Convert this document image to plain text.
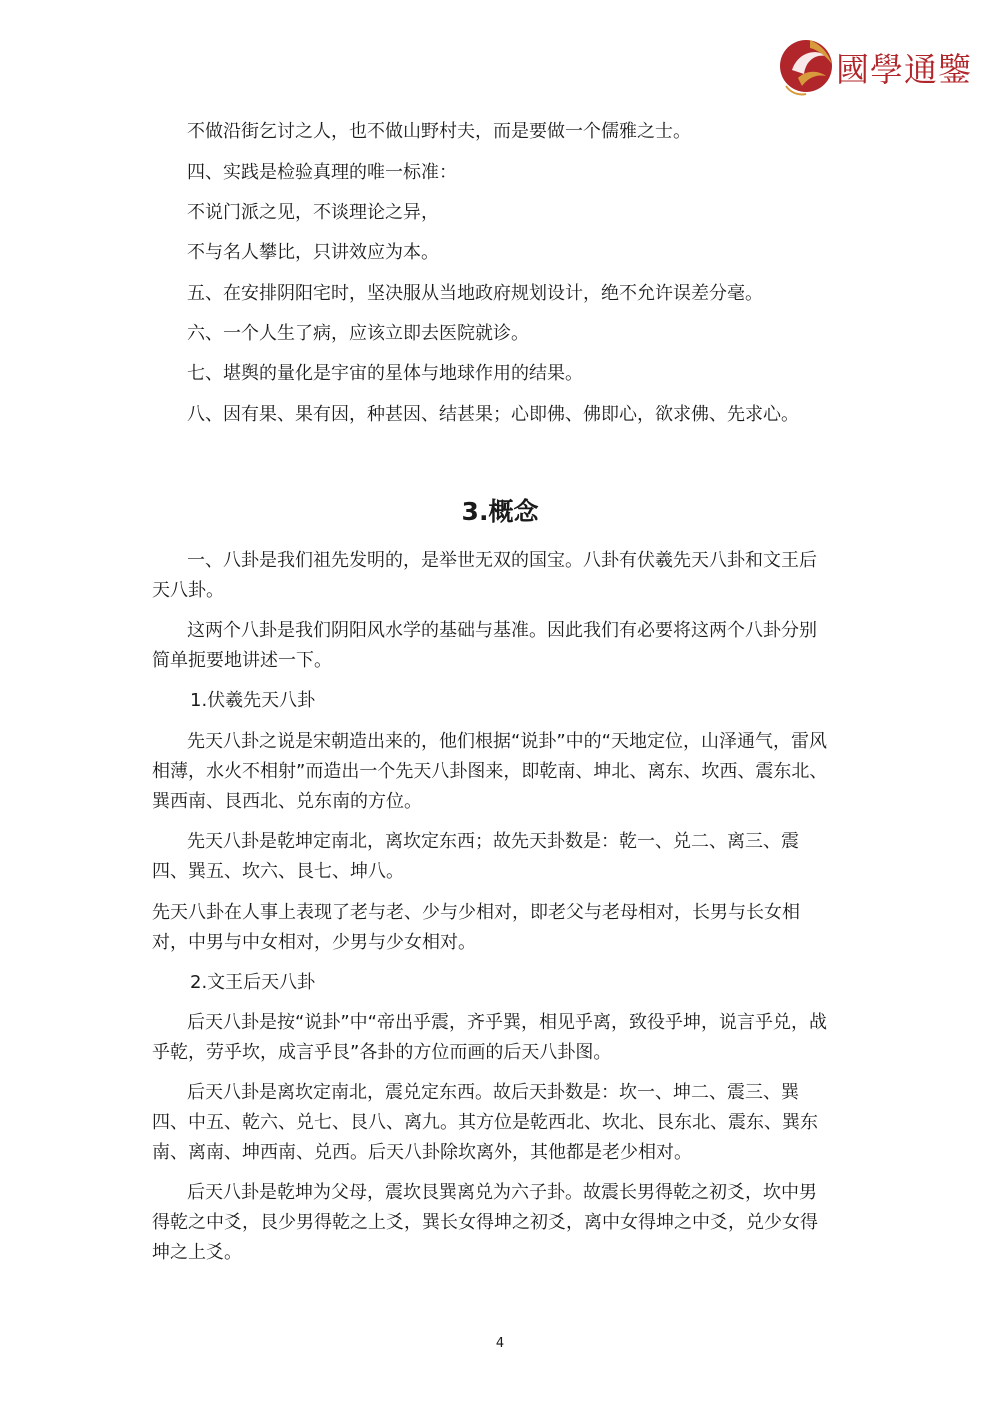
國學通鑒

不做沿街乞讨之人，也不做山野村夫，而是要做一个儒雅之士。

四、实践是检验真理的唯一标准：

不说门派之见，不谈理论之异，

不与名人攀比，只讲效应为本。

五、在安排阴阳宅时，坚决服从当地政府规划设计，绝不允许误差分毫。

六、一个人生了病，应该立即去医院就诊。

七、堪舆的量化是宇宙的星体与地球作用的结果。

八、因有果、果有因，种甚因、结甚果；心即佛、佛即心，欲求佛、先求心。

3.概念

一、八卦是我们祖先发明的，是举世无双的国宝。八卦有伏羲先天八卦和文王后

天八卦。

这两个八卦是我们阴阳风水学的基础与基准。因此我们有必要将这两个八卦分别

简单扼要地讲述一下。

1.伏羲先天八卦

先天八卦之说是宋朝造出来的，他们根据“说卦”中的“天地定位，山泽通气，雷风

相薄，水火不相射”而造出一个先天八卦图来，即乾南、坤北、离东、坎西、震东北、

巽西南、艮西北、兑东南的方位。

先天八卦是乾坤定南北，离坎定东西；故先天卦数是：乾一、兑二、离三、震

四、巽五、坎六、艮七、坤八。

先天八卦在人事上表现了老与老、少与少相对，即老父与老母相对，长男与长女相

对，中男与中女相对，少男与少女相对。

2.文王后天八卦

后天八卦是按“说卦”中“帝出乎震，齐乎巽，相见乎离，致役乎坤，说言乎兑，战

乎乾，劳乎坎，成言乎艮”各卦的方位而画的后天八卦图。

后天八卦是离坎定南北，震兑定东西。故后天卦数是：坎一、坤二、震三、巽

四、中五、乾六、兑七、艮八、离九。其方位是乾西北、坎北、艮东北、震东、巽东

南、离南、坤西南、兑西。后天八卦除坎离外，其他都是老少相对。

后天八卦是乾坤为父母，震坎艮巽离兑为六子卦。故震长男得乾之初爻，坎中男

得乾之中爻，艮少男得乾之上爻，巽长女得坤之初爻，离中女得坤之中爻，兑少女得

坤之上爻。

4
